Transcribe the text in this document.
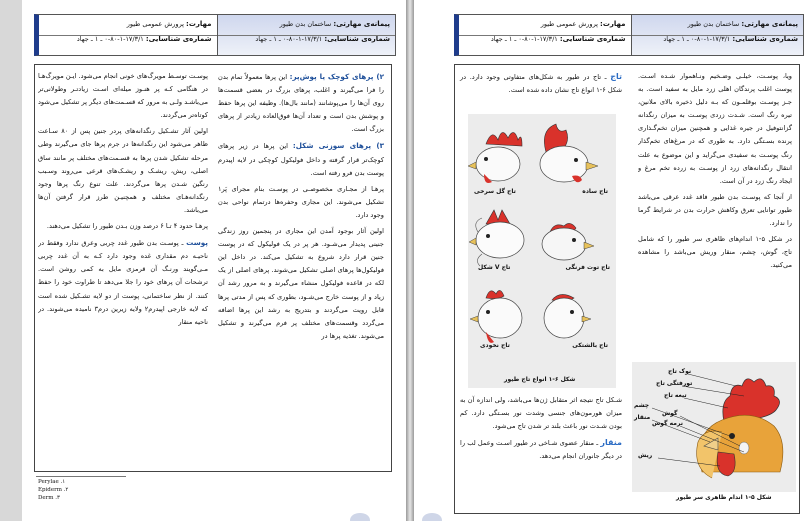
پیمانه‌ی مهارتی: ساختمان بدن طیور
شماره‌ی شناسایی: ۱۷/۳/۱-۱-۸۰-۰ ـ ۱ ـ جهاد
مهارت: پرورش عمومی طیور
شماره‌ی شناسایی: ۱۷/۳/۱-۱-۸۰-۰ ـ ۱ ـ جهاد

۲) پرهای کوچک یا پوش‌پر: این پرها معمولاً تمام بدن را فرا می‌گیرند و اغلب، پرهای بزرگ در بعضی قسمت‌ها روی آن‌ها را می‌پوشانند (مانند بال‌ها). وظیفه این پرها حفظ و پوشش بدن است و تعداد آن‌ها فوق‌العاده زیادتر از پرهای بزرگ است.

۳) پرهای سوزنی شکل: این پرها در زیر پرهای کوچک‌تر قرار گرفته و داخل فولیکول کوچکی در لایه اپیدرم پوست بدن فرو رفته است.

پرهـا از مجـاری مخصوصـی در پوسـت بنام مجرای پَر۱ تشکیل می‌شوند. این مجاری وحفره‌ها درتمام نواحی بدن وجود دارد.

اولین آثار بوجود آمدن این مجاری در پنجمین روز زندگی جنینی پدیدار می‌شـود. هر پر در یک فولیکول که در پوست جنین قرار دارد شروع به تشکیل می‌کند. در داخل این فولیکول‌ها پرهای اصلی تشکیل می‌شوند. پرهای اصلی از یک لکه در قاعده فولیکول منشاء می‌گیرند و به مرور رشد آن زیاد و از پوست خارج می‌شـود، بطوری که پس از مدتی پرها قابل رویت می‌گردند و بتدریج به رشد این پرها اضافه می‌گردد وقسمت‌های مختلف پر فرم می‌گیرند و تشکیل می‌شوند. تغذیه پرها در

پوسـت توسـط مویرگ‌های خونی انجام می‌شود. ایـن مویرگ‌هـا در هنگامی کـه پر هنـوز میله‌ای اسـت زیادتـر وطولانی‌تر می‌باشـد ولـی به مرور که قسـمت‌های دیگر پر تشکیل می‌شود کوتاه‌تر می‌گردند.

اولین آثار تشـکیل رنگدانه‌های پردر جنین پس از ۸۰ سـاعت ظاهر می‌شود این رنگدانه‌ها در جرم پرها جای می‌گیرند وطی مرحله تشکیل شدن پرها به قسـمت‌های مختلف پر مانند ساق اصلی، ریش، ریشـک و ریشـک‌های قرعی می‌روند وسـبب رنگین شـدن پرها می‌گردند. علت تنوع رنگ پرها وجود رنگدانه‌هـای مختلف و همچنیـن طرز قرار گرفتن آن‌ها می‌باشد.

پرهـا حدود ۴ تـا ۶ درصد وزن بـدن طیور را تشکیل می‌دهند.

پوست ـ پوسـت بدن طیور غدد چربی وعرق ندارد وفقط در ناحیـه دم مقداری غده وجود دارد کـه به آن غدد چربی مـی‌گویند ورنـگ آن قرمزی مایل به کمی روشن است. ترشحات آن پرهای خود را جلا می‌دهد تا طراوت خود را حفظ کنند. از نظر ساختمانی، پوست از دو لایه تشـکیل شده است که لایه خارجی اپیدرم۲ ولایه زیرین درم۳ نامیده می‌شوند. در ناحیه منقار

Perylae .۱
Epiderm .۲
Derm .۳
پیمانه‌ی مهارتی: ساختمان بدن طیور
شماره‌ی شناسایی: ۱۷/۳/۱-۱-۸۰-۰ ـ ۱ ـ جهاد
مهارت: پرورش عمومی طیور
شماره‌ی شناسایی: ۱۷/۳/۱-۱-۸۰-۰ ـ ۱ ـ جهاد

ویا، پوسـت، خیلـی وضـخیم ونـاهموار شـده اسـت. پوست اغلب پرندگان اهلی زرد مایل به سفید است. به جـز پوسـت بوقلمـون که بـه دلیل ذخیره بالای ملانین، تیره رنگ است. شـدت زردی پوسـت به میزان رنگدانه گزانتوفیل در جیره غذایی و همچنین میزان تخم‌گـذاری پرنده بسـتگی دارد. به طوری که در مرغ‌های تخم‌گذار رنگ پوسـت به سفیدی می‌گراید و این موضوع به علت انتقال رنگدانه‌های زرد از پوسـت به زرده تخم مرغ و ایجاد رنگ زرد در آن است.

از آنجا که پوسـت بدن طیور فاقد غدد عرقی می‌باشد طیور توانایی تعرق وکاهش حرارت بدن در شرایط گرما را ندارد.

در شکل ۵-۱ اندام‌های ظاهری سر طیور را که شامل تاج، گوش، چشم، منقار وریش می‌باشد را مشاهده می‌کنید.

تاج ـ تاج در طیور به شکل‌های متفاوتی وجود دارد. در شکل ۶-۱ انواع تاج نشان داده شده است.

تاج ساده
تاج گل سرخی
تاج توت فرنگی
تاج V شکل
تاج بالشتکی
تاج نخودی
شکل ۶-۱ انواع تاج طیور

شـکل تاج نتیجه اثر متقابل ژن‌ها می‌باشد، ولی اندازه آن به میزان هورمون‌های جنسی وشدت نور بسـتگی دارد. کم بودن شـدت نور باعث بلند تر شدن تاج می‌شود.

منقار ـ منقار عضوی شـاخی در طیور اسـت وعمل لب را در دیگر جانوران انجام می‌دهد.

نوک تاج
تورفتگی تاج
تیغه تاج
گوش
نرمه گوش
چشم
منقار
ریش
شکل ۵-۱ اندام ظاهری سر طیور
